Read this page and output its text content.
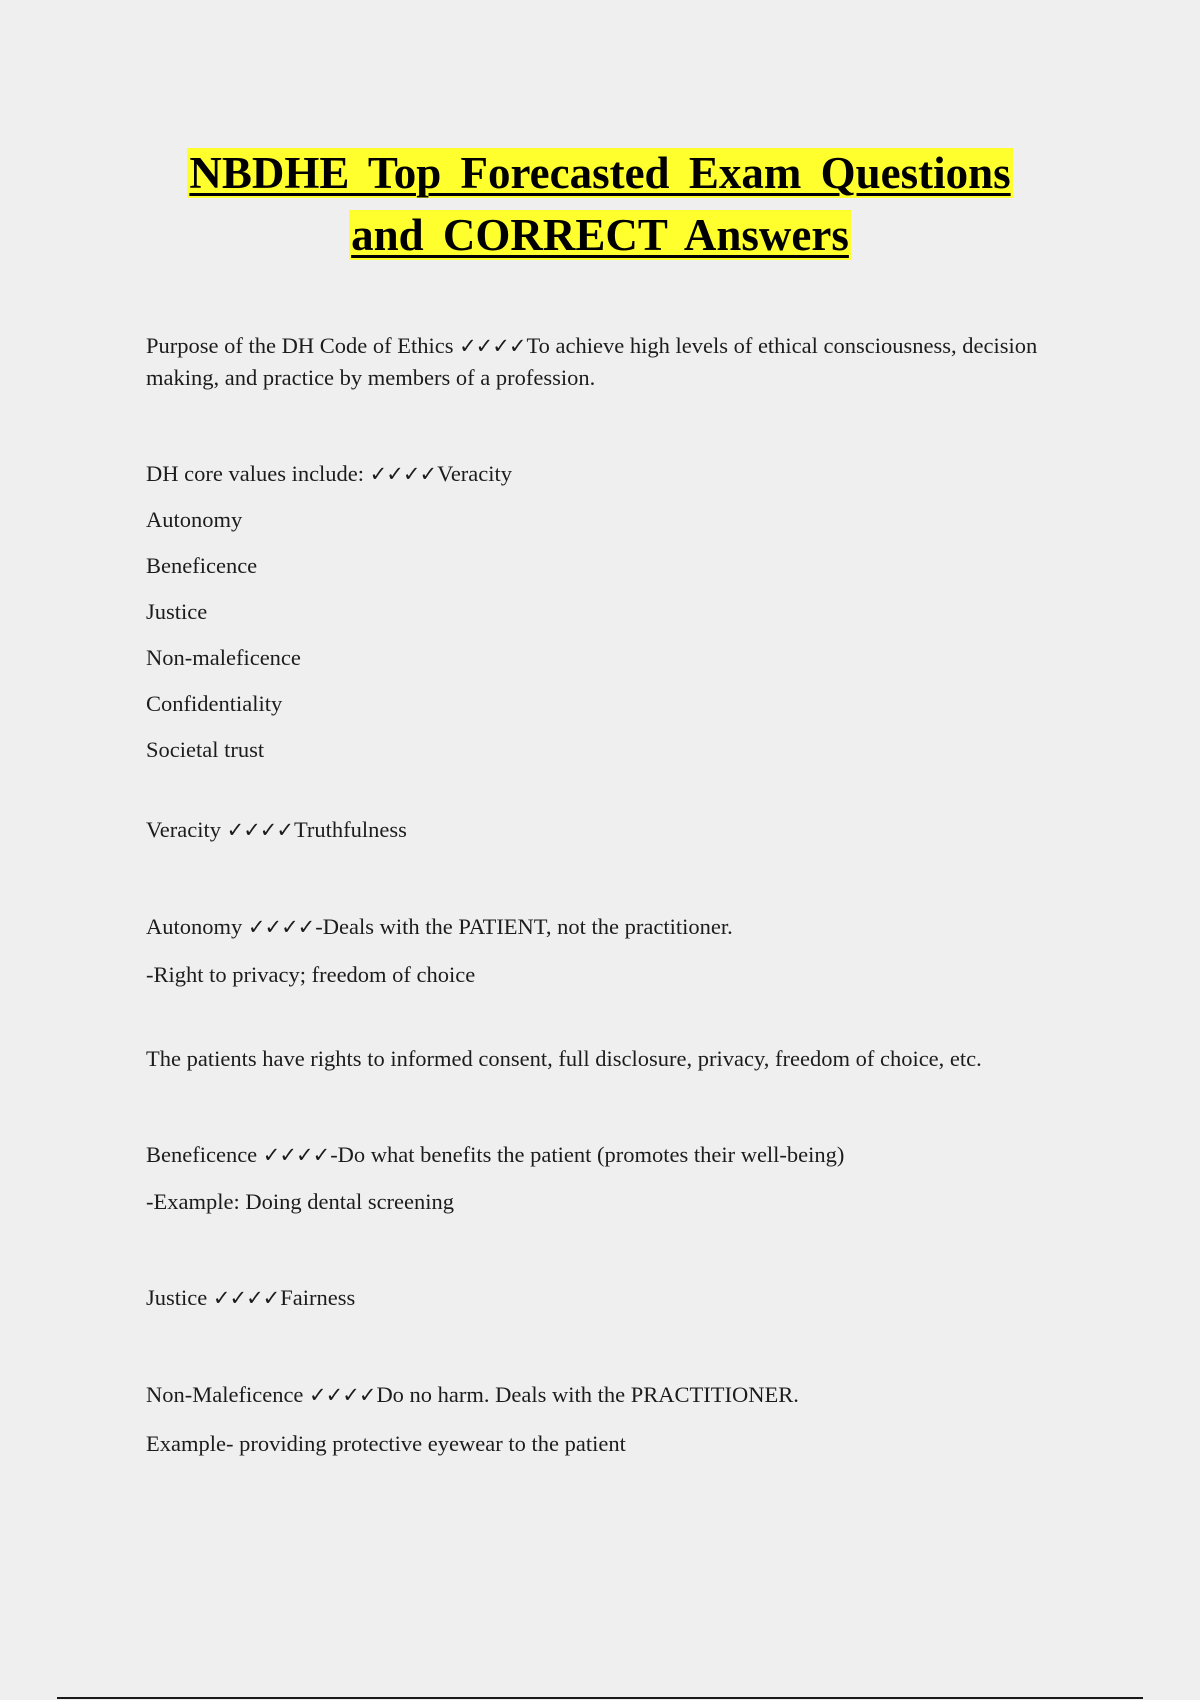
NBDHE Top Forecasted Exam Questions
and CORRECT Answers
Purpose of the DH Code of Ethics ✓✓✓✓To achieve high levels of ethical consciousness, decision making, and practice by members of a profession.
DH core values include: ✓✓✓✓Veracity
Autonomy
Beneficence
Justice
Non-maleficence
Confidentiality
Societal trust
Veracity ✓✓✓✓Truthfulness
Autonomy ✓✓✓✓-Deals with the PATIENT, not the practitioner.
-Right to privacy; freedom of choice
The patients have rights to informed consent, full disclosure, privacy, freedom of choice, etc.
Beneficence ✓✓✓✓-Do what benefits the patient (promotes their well-being)
-Example: Doing dental screening
Justice ✓✓✓✓Fairness
Non-Maleficence ✓✓✓✓Do no harm. Deals with the PRACTITIONER.
Example- providing protective eyewear to the patient
